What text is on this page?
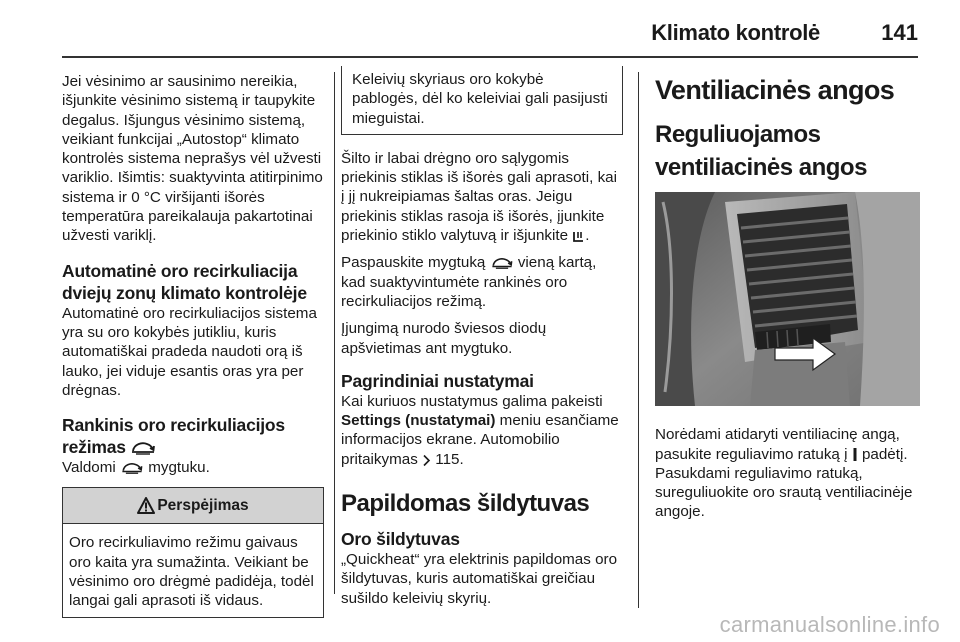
Klimato kontrolė	141

Jei vėsinimo ar sausinimo nereikia, išjunkite vėsinimo sistemą ir taupykite degalus. Išjungus vėsinimo sistemą, veikiant funkcijai „Autostop“ klimato kontrolės sistema neprašys vėl užvesti variklio. Išimtis: suaktyvinta atitirpinimo sistema ir 0 °C viršijanti išorės temperatūra pareikalauja pakartotinai užvesti variklį.

Automatinė oro recirkuliacija dviejų zonų klimato kontrolėje

Automatinė oro recirkuliacijos sistema yra su oro kokybės jutikliu, kuris automatiškai pradeda naudoti orą iš lauko, jei viduje esantis oras yra per drėgnas.

Rankinis oro recirkuliacijos režimas

Valdomi mygtuku.

Perspėjimas
Oro recirkuliavimo režimu gaivaus oro kaita yra sumažinta. Veikiant be vėsinimo oro drėgmė padidėja, todėl langai gali aprasoti iš vidaus.
Keleivių skyriaus oro kokybė pablogės, dėl ko keleiviai gali pasijusti mieguistai.

Šilto ir labai drėgno oro sąlygomis priekinis stiklas iš išorės gali aprasoti, kai į jį nukreipiamas šaltas oras. Jeigu priekinis stiklas rasoja iš išorės, įjunkite priekinio stiklo valytuvą ir išjunkite .

Paspauskite mygtuką vieną kartą, kad suaktyvintumėte rankinės oro recirkuliacijos režimą.

Įjungimą nurodo šviesos diodų apšvietimas ant mygtuko.

Pagrindiniai nustatymai

Kai kuriuos nustatymus galima pakeisti Settings (nustatymai) meniu esančiame informacijos ekrane. Automobilio pritaikymas 115.

Papildomas šildytuvas
Oro šildytuvas

„Quickheat“ yra elektrinis papildomas oro šildytuvas, kuris automatiškai greičiau sušildo keleivių skyrių.

Ventiliacinės angos
Reguliuojamos ventiliacinės angos

Norėdami atidaryti ventiliacinę angą, pasukite reguliavimo ratuką į padėtį. Pasukdami reguliavimo ratuką, sureguliuokite oro srautą ventiliacinėje angoje.

carmanualsonline.info
